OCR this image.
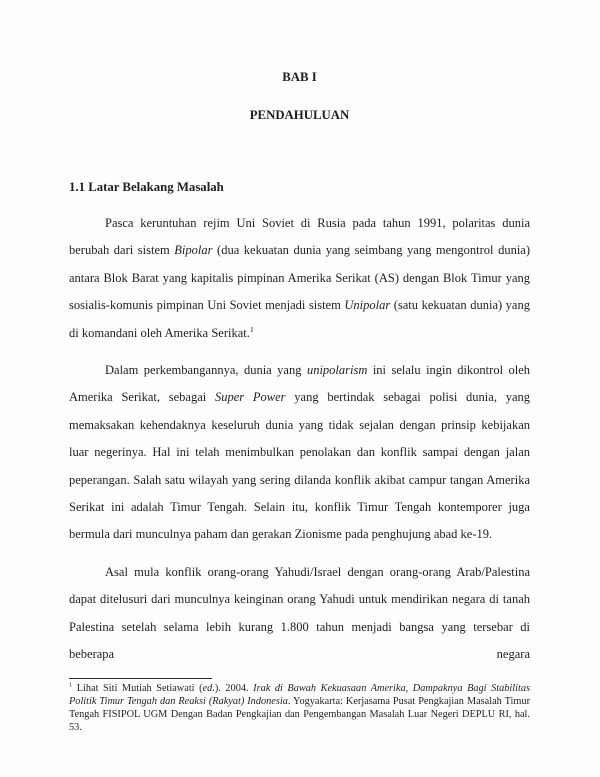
BAB I
PENDAHULUAN
1.1 Latar Belakang Masalah

Pasca keruntuhan rejim Uni Soviet di Rusia pada tahun 1991, polaritas dunia berubah dari sistem Bipolar (dua kekuatan dunia yang seimbang yang mengontrol dunia) antara Blok Barat yang kapitalis pimpinan Amerika Serikat (AS) dengan Blok Timur yang sosialis-komunis pimpinan Uni Soviet menjadi sistem Unipolar (satu kekuatan dunia) yang di komandani oleh Amerika Serikat.$^1$

Dalam perkembangannya, dunia yang unipolarism ini selalu ingin dikontrol oleh Amerika Serikat, sebagai Super Power yang bertindak sebagai polisi dunia, yang memaksakan kehendaknya keseluruh dunia yang tidak sejalan dengan prinsip kebijakan luar negerinya. Hal ini telah menimbulkan penolakan dan konflik sampai dengan jalan peperangan. Salah satu wilayah yang sering dilanda konflik akibat campur tangan Amerika Serikat ini adalah Timur Tengah. Selain itu, konflik Timur Tengah kontemporer juga bermula dari munculnya paham dan gerakan Zionisme pada penghujung abad ke-19.

Asal mula konflik orang-orang Yahudi/Israel dengan orang-orang Arab/Palestina dapat ditelusuri dari munculnya keinginan orang Yahudi untuk mendirikan negara di tanah Palestina setelah selama lebih kurang 1.800 tahun menjadi bangsa yang tersebar di beberapa negara

$^1$ Lihat Siti Mutiah Setiawati (ed.). 2004. Irak di Bawah Kekuasaan Amerika, Dampaknya Bagi Stabilitas Politik Timur Tengah dan Reaksi (Rakyat) Indonesia. Yogyakarta: Kerjasama Pusat Pengkajian Masalah Timur Tengah FISIPOL UGM Dengan Badan Pengkajian dan Pengembangan Masalah Luar Negeri DEPLU RI, hal. 53.
